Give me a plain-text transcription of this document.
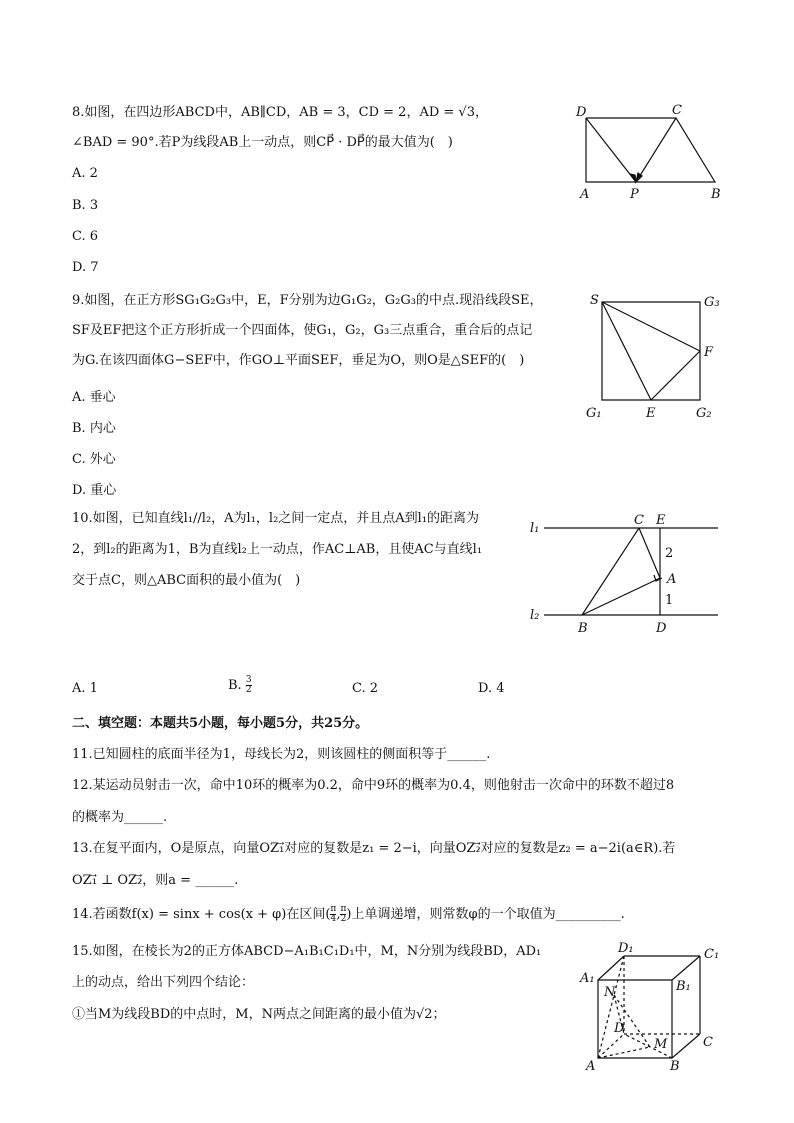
8.如图，在四边形ABCD中，AB∥CD，AB = 3，CD = 2，AD = √3，
∠BAD = 90°.若P为线段AB上一动点，则CP⃗ · DP⃗的最大值为(　)
A. 2
B. 3
C. 6
D. 7
D	C
A	P	B
9.如图，在正方形SG₁G₂G₃中，E，F分别为边G₁G₂，G₂G₃的中点.现沿线段SE，
SF及EF把这个正方形折成一个四面体，使G₁，G₂，G₃三点重合，重合后的点记
为G.在该四面体G−SEF中，作GO⊥平面SEF，垂足为O，则O是△SEF的(　)
A. 垂心
B. 内心
C. 外心
D. 重心
S	G₃
F
G₁	E	G₂
10.如图，已知直线l₁//l₂，A为l₁，l₂之间一定点，并且点A到l₁的距离为
2，到l₂的距离为1，B为直线l₂上一动点，作AC⊥AB，且使AC与直线l₁
交于点C，则△ABC面积的最小值为(　)
l₁
l₂
C E
2
A
1
B	D
A. 1	B. $\frac{3}{2}$	C. 2	D. 4
二、填空题：本题共5小题，每小题5分，共25分。
11.已知圆柱的底面半径为1，母线长为2，则该圆柱的侧面积等于______.
12.某运动员射击一次，命中10环的概率为0.2，命中9环的概率为0.4，则他射击一次命中的环数不超过8
的概率为______.
13.在复平面内，O是原点，向量OZ₁⃗对应的复数是z₁ = 2−i，向量OZ₂⃗对应的复数是z₂ = a−2i(a∈R).若
OZ₁⃗ ⊥ OZ₂⃗，则a = ______.
14.若函数f(x) = sinx + cos(x + φ)在区间( $\frac{\pi}{4}$ , $\frac{\pi}{2}$ )上单调递增，则常数φ的一个取值为__________.
15.如图，在棱长为2的正方体ABCD−A₁B₁C₁D₁中，M，N分别为线段BD，AD₁
上的动点，给出下列四个结论：
①当M为线段BD的中点时，M，N两点之间距离的最小值为√2；
D₁	C₁
A₁
B₁
N
D
M	C
A	B
